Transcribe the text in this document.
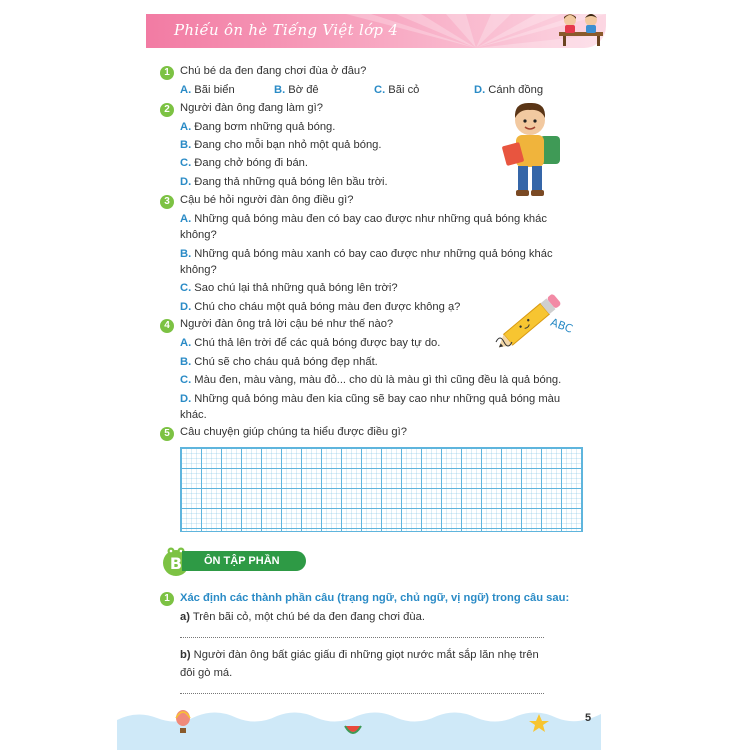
Phiếu ôn hè Tiếng Việt lớp 4
1 Chú bé da đen đang chơi đùa ở đâu?
A. Bãi biển	B. Bờ đê	C. Bãi cỏ	D. Cánh đồng
2 Người đàn ông đang làm gì?
A. Đang bơm những quả bóng.
B. Đang cho mỗi bạn nhỏ một quả bóng.
C. Đang chở bóng đi bán.
D. Đang thả những quả bóng lên bầu trời.
3 Cậu bé hỏi người đàn ông điều gì?
A. Những quả bóng màu đen có bay cao được như những quả bóng khác
không?
B. Những quả bóng màu xanh có bay cao được như những quả bóng khác
không?
C. Sao chú lại thả những quả bóng lên trời?
D. Chú cho cháu một quả bóng màu đen được không ạ?
ABC
4 Người đàn ông trả lời cậu bé như thế nào?
A. Chú thả lên trời để các quả bóng được bay tự do.
B. Chú sẽ cho cháu quả bóng đẹp nhất.
C. Màu đen, màu vàng, màu đỏ... cho dù là màu gì thì cũng đều là quả bóng.
D. Những quả bóng màu đen kia cũng sẽ bay cao như những quả bóng màu
khác.
5 Câu chuyện giúp chúng ta hiểu được điều gì?
B	ÔN TẬP PHẦN VIẾT
1 Xác định các thành phần câu (trạng ngữ, chủ ngữ, vị ngữ) trong câu sau:
a) Trên bãi cỏ, một chú bé da đen đang chơi đùa.
b) Người đàn ông bất giác giấu đi những giọt nước mắt sắp lăn nhẹ trên
đôi gò má.
5
